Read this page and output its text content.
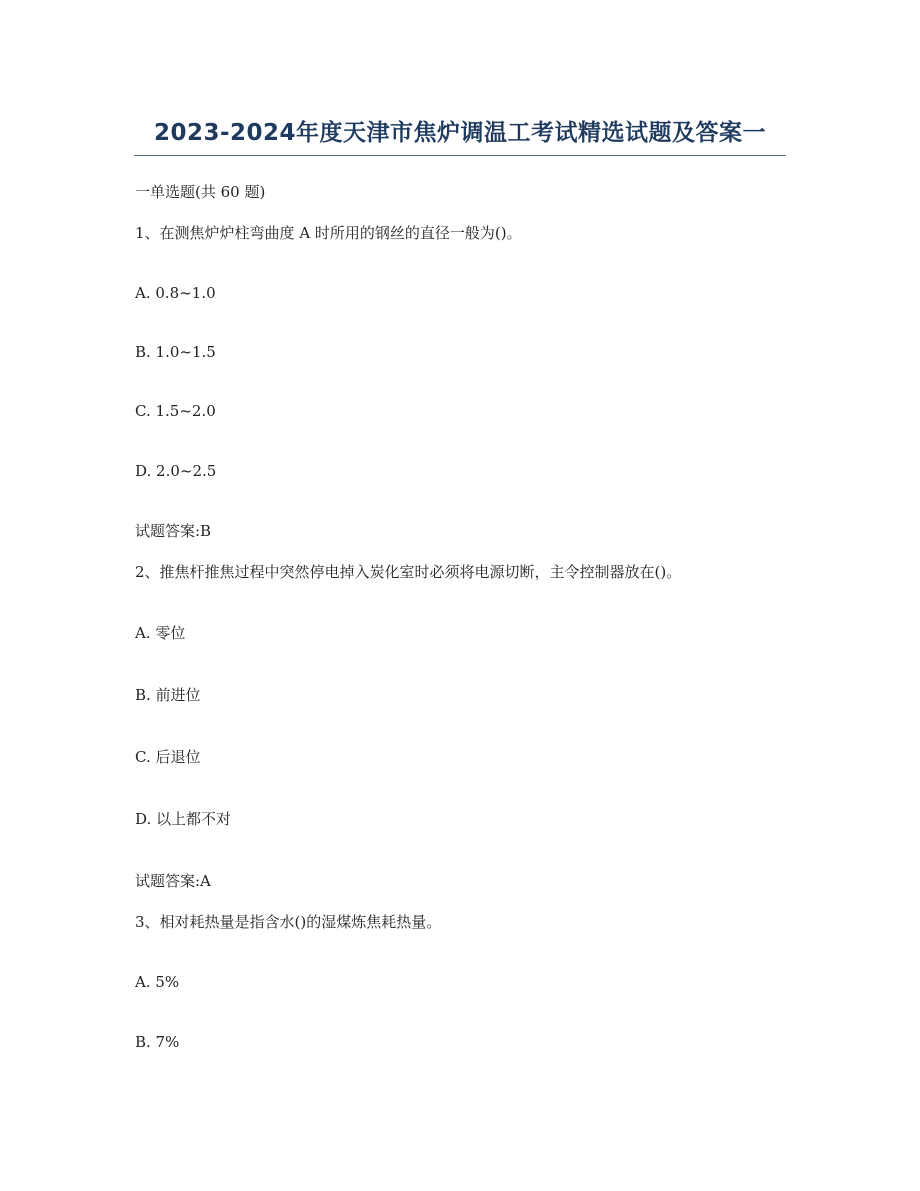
2023-2024年度天津市焦炉调温工考试精选试题及答案一
一单选题(共 60 题)
1、在测焦炉炉柱弯曲度 A 时所用的钢丝的直径一般为()。
A. 0.8~1.0
B. 1.0~1.5
C. 1.5~2.0
D. 2.0~2.5
试题答案:B
2、推焦杆推焦过程中突然停电掉入炭化室时必须将电源切断，主令控制器放在()。
A. 零位
B. 前进位
C. 后退位
D. 以上都不对
试题答案:A
3、相对耗热量是指含水()的湿煤炼焦耗热量。
A. 5%
B. 7%
